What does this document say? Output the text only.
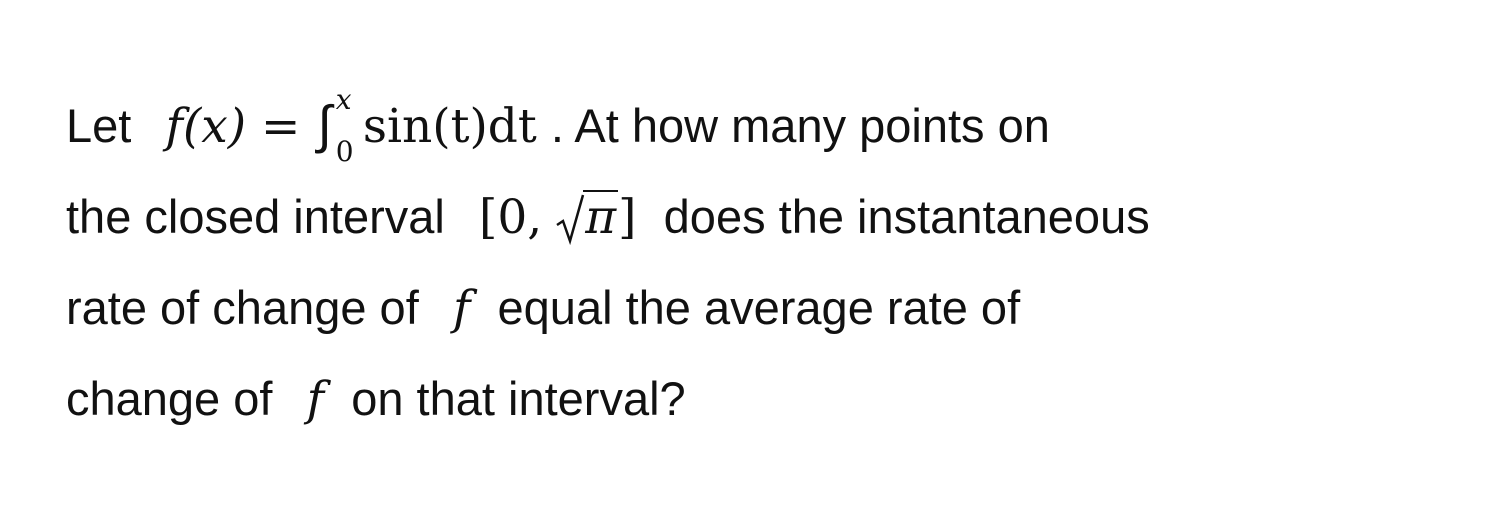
Let f(x) = ∫ x
0 sin(t)dt . At how many points on
the closed interval [0, π] does the instantaneous
rate of change of f equal the average rate of
change of f on that interval?
